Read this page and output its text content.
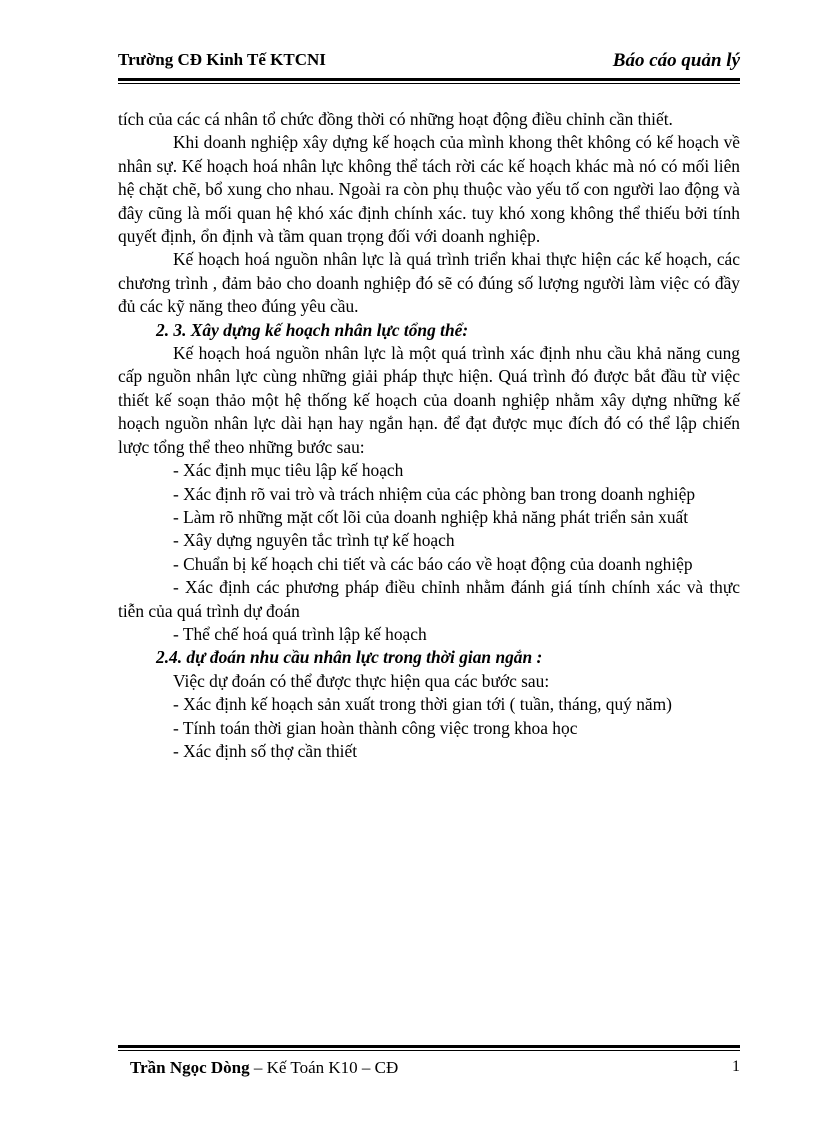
Trường CĐ Kinh Tế KTCNI	Báo cáo quản lý

tích của các cá nhân tổ chức đồng thời có những hoạt động điều chỉnh cần thiết.

Khi doanh nghiệp xây dựng kế hoạch của mình khong thêt không có kế hoạch về nhân sự. Kế hoạch hoá nhân lực không thể tách rời các kế hoạch khác mà nó có mối liên hệ chặt chẽ, bổ xung cho nhau. Ngoài ra còn phụ thuộc vào yếu tố con người lao động và đây cũng là mối quan hệ khó xác định chính xác. tuy khó xong không thể thiếu bởi tính quyết định, ổn định và tầm quan trọng đối với doanh nghiệp.

Kế hoạch hoá nguồn nhân lực là quá trình triển khai thực hiện các kế hoạch, các chương trình , đảm bảo cho doanh nghiệp đó sẽ có đúng số lượng người làm việc có đầy đủ các kỹ năng theo đúng yêu cầu.

2. 3. Xây dựng kế hoạch nhân lực tổng thể:

Kế hoạch hoá nguồn nhân lực là một quá trình xác định nhu cầu khả năng cung cấp nguồn nhân lực cùng những giải pháp thực hiện. Quá trình đó được bắt đầu từ việc thiết kế soạn thảo một hệ thống kế hoạch của doanh nghiệp nhằm xây dựng những kế hoạch nguồn nhân lực dài hạn hay ngắn hạn. để đạt được mục đích đó có thể lập chiến lược tổng thể theo những bước sau:

- Xác định mục tiêu lập kế hoạch

- Xác định rõ vai trò và trách nhiệm của các phòng ban trong doanh nghiệp

- Làm rõ những mặt cốt lõi của doanh nghiệp khả năng phát triển sản xuất

- Xây dựng nguyên tắc trình tự kế hoạch

- Chuẩn bị kế hoạch chi tiết và các báo cáo về hoạt động của doanh nghiệp

- Xác định các phương pháp điều chỉnh nhằm đánh giá tính chính xác và thực tiễn của quá trình dự đoán

- Thể chế hoá quá trình lập kế hoạch

2.4. dự đoán nhu cầu nhân lực trong thời gian ngắn :

Việc dự đoán có thể được thực hiện qua các bước sau:

- Xác định kế hoạch sản xuất trong thời gian tới ( tuần, tháng, quý năm)

- Tính toán thời gian hoàn thành công việc trong khoa học

- Xác định số thợ cần thiết

Trần Ngọc Dòng – Kế Toán K10 – CĐ	1
